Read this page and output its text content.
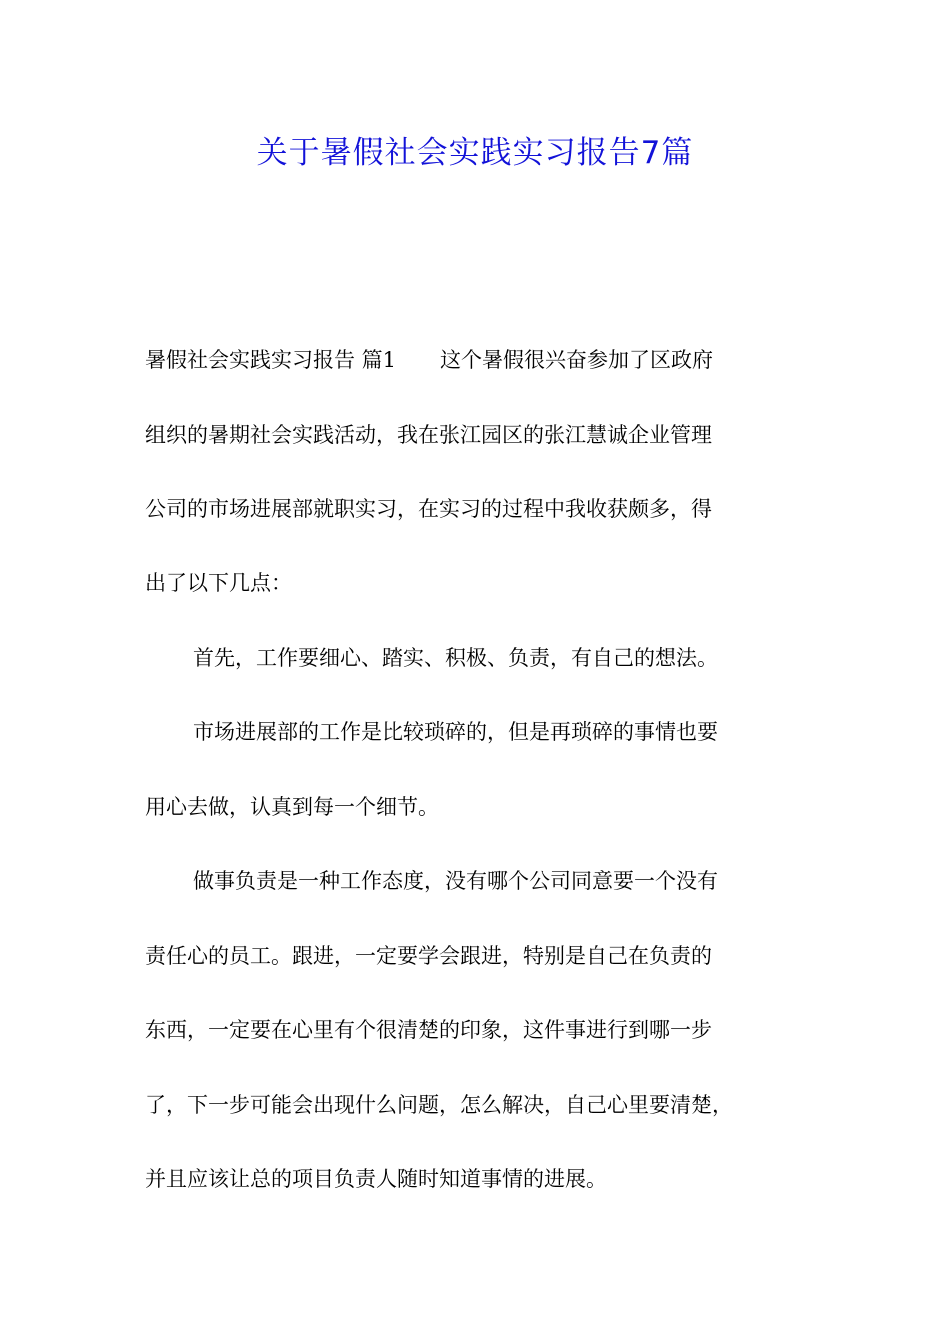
关于暑假社会实践实习报告7篇

暑假社会实践实习报告 篇1 这个暑假很兴奋参加了区政府

组织的暑期社会实践活动，我在张江园区的张江慧诚企业管理

公司的市场进展部就职实习，在实习的过程中我收获颇多，得

出了以下几点：

首先，工作要细心、踏实、积极、负责，有自己的想法。

市场进展部的工作是比较琐碎的，但是再琐碎的事情也要

用心去做，认真到每一个细节。

做事负责是一种工作态度，没有哪个公司同意要一个没有

责任心的员工。跟进，一定要学会跟进，特别是自己在负责的

东西，一定要在心里有个很清楚的印象，这件事进行到哪一步

了，下一步可能会出现什么问题，怎么解决，自己心里要清楚，

并且应该让总的项目负责人随时知道事情的进展。
